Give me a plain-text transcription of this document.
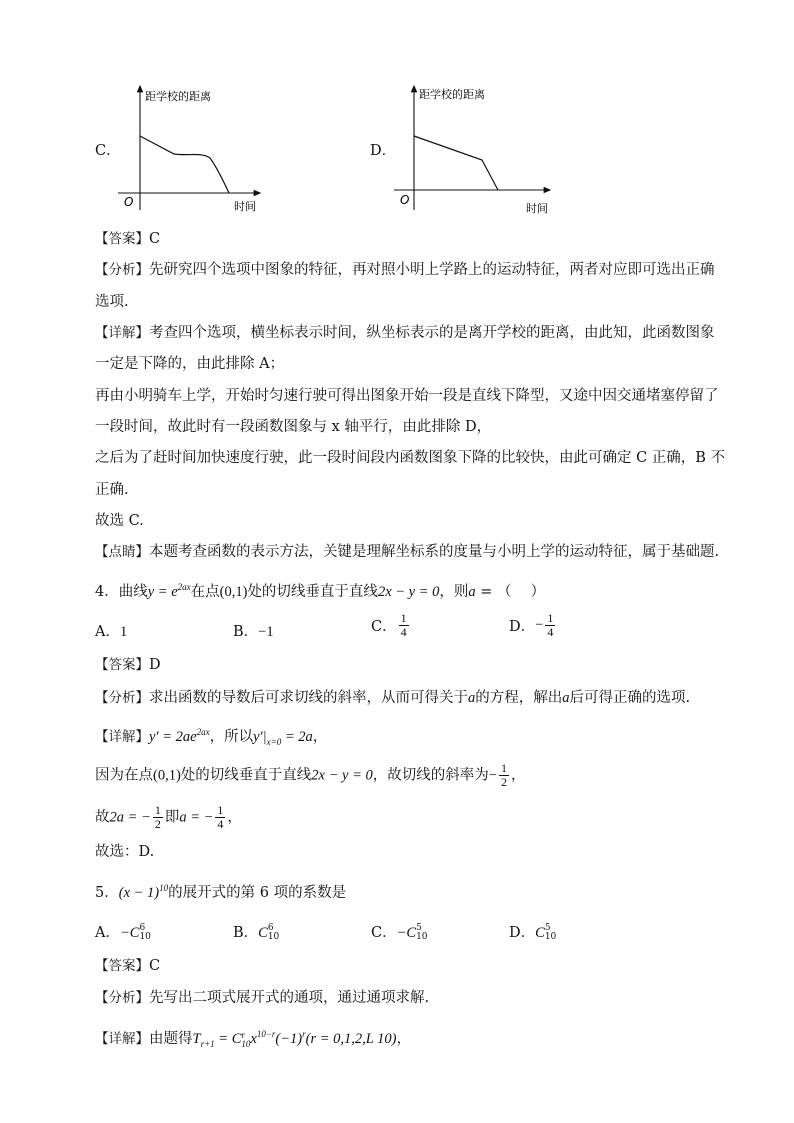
C．
距学校的距离
O	时间
D．
距学校的距离
O
时间
【答案】C
【分析】先研究四个选项中图象的特征，再对照小明上学路上的运动特征，两者对应即可选出正确
选项.
【详解】考查四个选项，横坐标表示时间，纵坐标表示的是离开学校的距离，由此知，此函数图象
一定是下降的，由此排除 A；
再由小明骑车上学，开始时匀速行驶可得出图象开始一段是直线下降型，又途中因交通堵塞停留了
一段时间，故此时有一段函数图象与 x 轴平行，由此排除 D，
之后为了赶时间加快速度行驶，此一段时间段内函数图象下降的比较快，由此可确定 C 正确，B 不
正确.
故选 C.
【点睛】本题考查函数的表示方法，关键是理解坐标系的度量与小明上学的运动特征，属于基础题.
4．曲线$y = e^{2ax}$在点(0,1)处的切线垂直于直线2x − y = 0，则a = （　 ）
A．1	B．−1	C． $\frac{1}{4}$	D．− $\frac{1}{4}$
【答案】D
【分析】求出函数的导数后可求切线的斜率，从而可得关于a的方程，解出a后可得正确的选项.
【详解】$y' = 2ae^{2ax}$，所以$y'|_{x=0} = 2a$，
因为在点(0,1)处的切线垂直于直线2x − y = 0，故切线的斜率为− $\frac{1}{2}$ ，
故2a = − $\frac{1}{2}$ 即a = − $\frac{1}{4}$ ，
故选：D.
5．$(x - 1)^{10}$的展开式的第 6 项的系数是
A．−C 6
10	B．C 6
10	C．−C 5
10	D．C 5
10
【答案】C
【分析】先写出二项式展开式的通项，通过通项求解.
【详解】由题得$T_{r+1} = C$ r
10 $x^{10-r}(-1)^r(r = 0,1,2,L$ 10)，
